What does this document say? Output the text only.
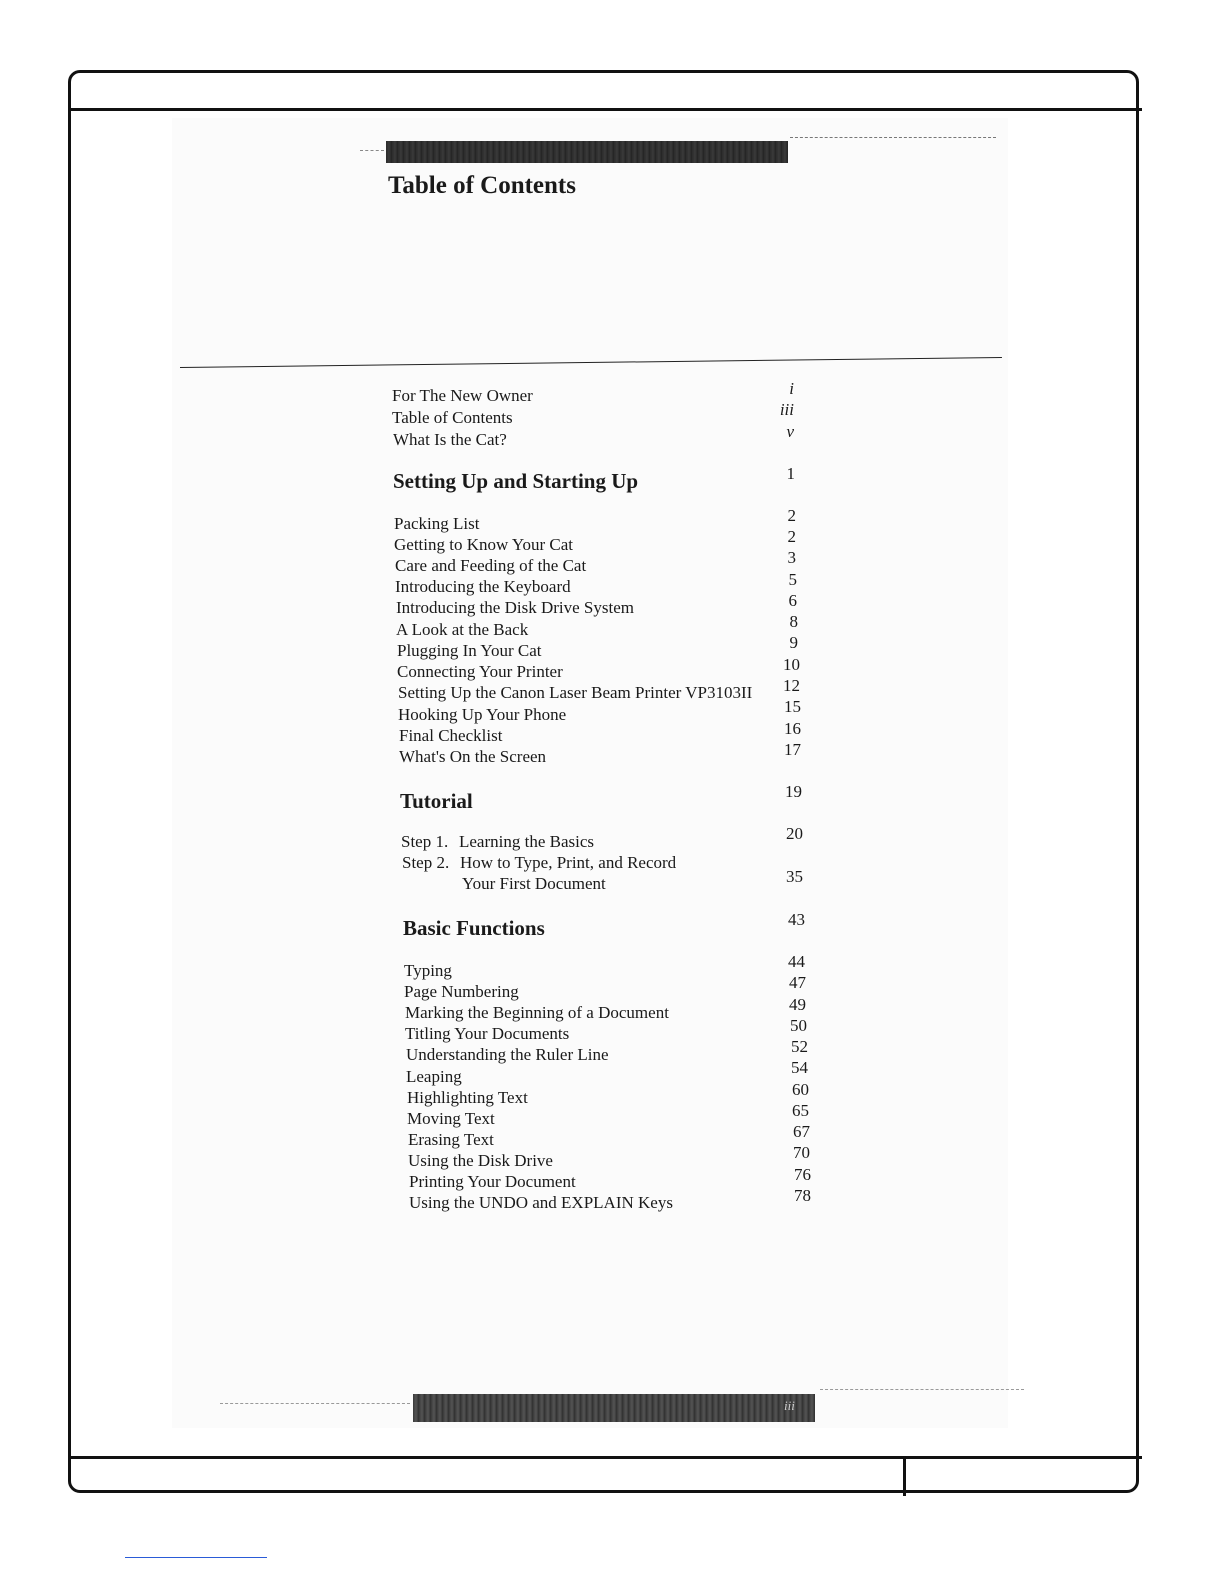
Table of Contents
For The New Owner	i
Table of Contents	iii
What Is the Cat?	v
Setting Up and Starting Up	1
Packing List	2
Getting to Know Your Cat	2
Care and Feeding of the Cat	3
Introducing the Keyboard	5
Introducing the Disk Drive System	6
A Look at the Back	8
Plugging In Your Cat	9
Connecting Your Printer	10
Setting Up the Canon Laser Beam Printer VP3103II	12
Hooking Up Your Phone	15
Final Checklist	16
What's On the Screen	17
Tutorial	19
Step 1. Learning the Basics	20
Step 2. How to Type, Print, and Record
Your First Document	35
Basic Functions	43
Typing	44
Page Numbering	47
Marking the Beginning of a Document	49
Titling Your Documents	50
Understanding the Ruler Line	52
Leaping	54
Highlighting Text	60
Moving Text	65
Erasing Text	67
Using the Disk Drive	70
Printing Your Document	76
Using the UNDO and EXPLAIN Keys	78
iii
